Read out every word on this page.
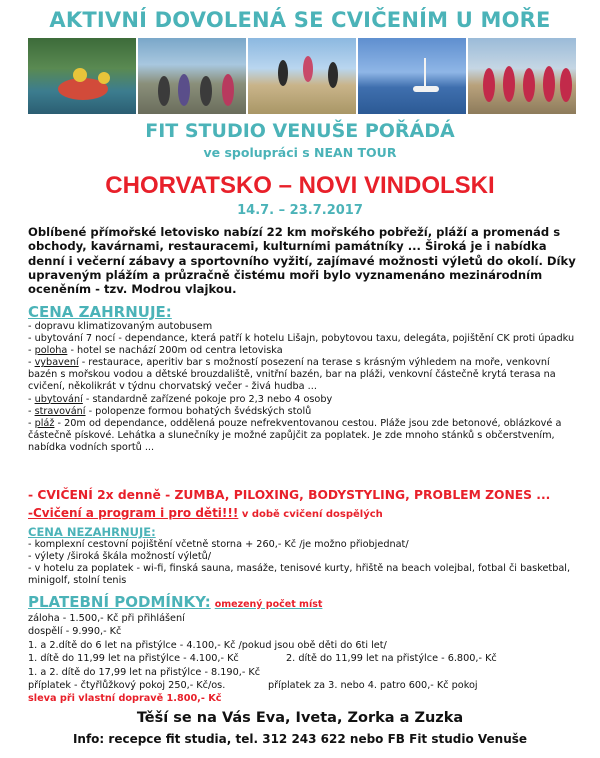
AKTIVNÍ DOVOLENÁ SE CVIČENÍM U MOŘE
FIT STUDIO VENUŠE POŘÁDÁ
ve spolupráci s NEAN TOUR
CHORVATSKO – NOVI VINDOLSKI
14.7. – 23.7.2017
Oblíbené přímořské letovisko nabízí 22 km mořského pobřeží, pláží a promenád s obchody, kavárnami, restauracemi, kulturními památníky ... Široká je i nabídka denní i večerní zábavy a sportovního vyžití, zajímavé možnosti výletů do okolí. Díky upraveným plážím a průzračně čistému moři bylo vyznamenáno mezinárodním oceněním - tzv. Modrou vlajkou.
CENA ZAHRNUJE:
- dopravu klimatizovaným autobusem
- ubytování 7 nocí - dependance, která patří k hotelu Lišajn, pobytovou taxu, delegáta, pojištění CK proti úpadku
- poloha - hotel se nachází 200m od centra letoviska
- vybavení - restaurace, aperitiv bar s možností posezení na terase s krásným výhledem na moře, venkovní bazén s mořskou vodou a dětské brouzdaliště, vnitřní bazén, bar na pláži, venkovní částečně krytá terasa na cvičení, několikrát v týdnu chorvatský večer - živá hudba ...
- ubytování - standardně zařízené pokoje pro 2,3 nebo 4 osoby
- stravování - polopenze formou bohatých švédských stolů
- pláž - 20m od dependance, oddělená pouze nefrekventovanou cestou. Pláže jsou zde betonové, oblázkové a částečně pískové. Lehátka a slunečníky je možné zapůjčit za poplatek. Je zde mnoho stánků s občerstvením, nabídka vodních sportů ...
- CVIČENÍ 2x denně - ZUMBA, PILOXING, BODYSTYLING, PROBLEM ZONES ...
-Cvičení a program i pro děti!!! v době cvičení dospělých
CENA NEZAHRNUJE:
- komplexní cestovní pojištění včetně storna + 260,- Kč /je možno přiobjednat/
- výlety /široká škála možností výletů/
- v hotelu za poplatek - wi-fi, finská sauna, masáže, tenisové kurty, hřiště na beach volejbal, fotbal či basketbal, minigolf, stolní tenis
PLATEBNÍ PODMÍNKY: omezený počet míst
záloha - 1.500,- Kč při přihlášení
dospělí - 9.990,- Kč
1. a 2.dítě do 6 let na přistýlce - 4.100,- Kč /pokud jsou obě děti do 6ti let/
1. dítě do 11,99 let na přistýlce - 4.100,- Kč	2. dítě do 11,99 let na přistýlce - 6.800,- Kč
1. a 2. dítě do 17,99 let na přistýlce - 8.190,- Kč
příplatek - čtyřlůžkový pokoj 250,- Kč/os.	příplatek za 3. nebo 4. patro 600,- Kč pokoj
sleva při vlastní dopravě 1.800,- Kč
Těší se na Vás Eva, Iveta, Zorka a Zuzka
Info: recepce fit studia, tel. 312 243 622 nebo FB Fit studio Venuše
